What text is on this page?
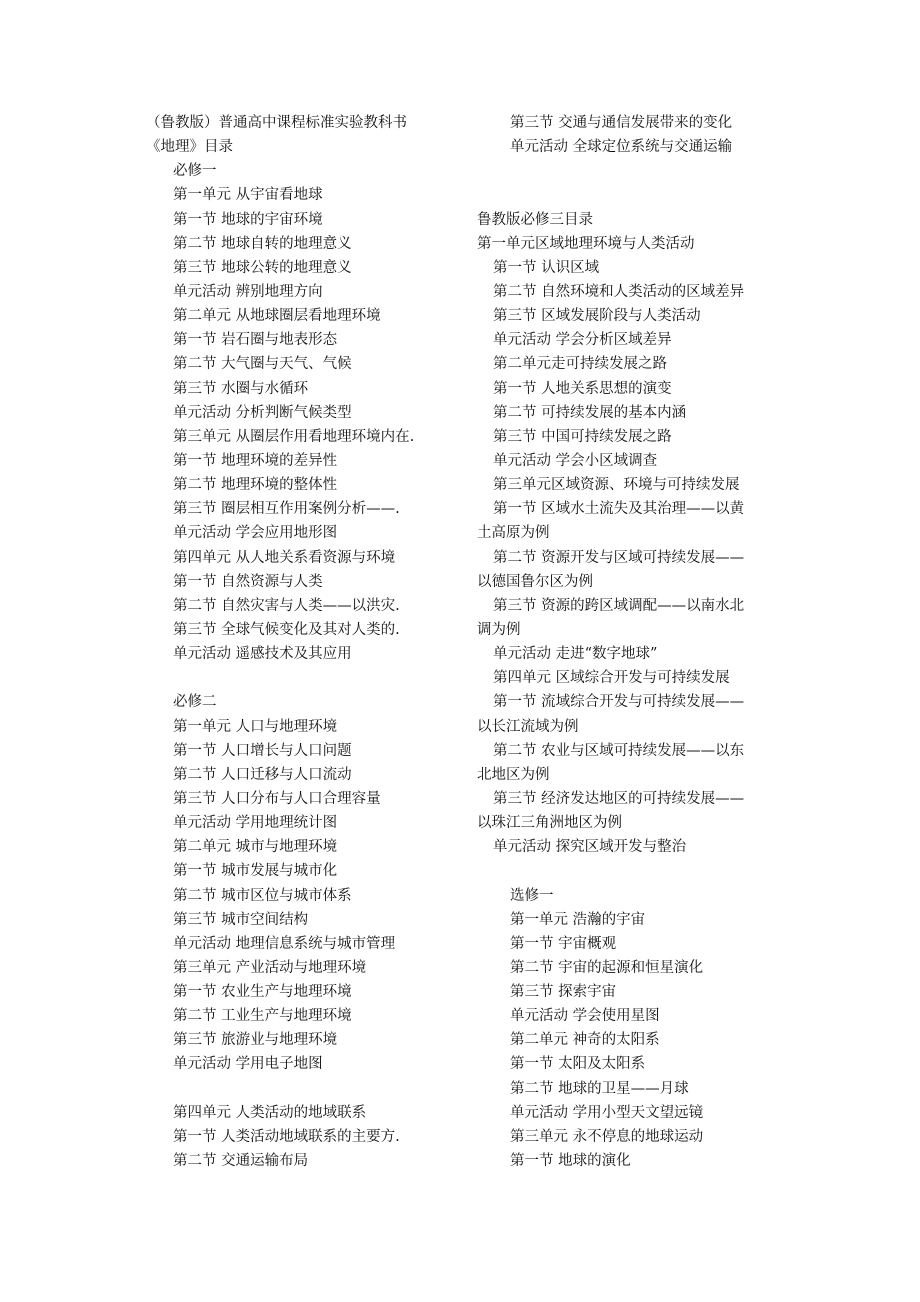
（鲁教版）普通高中课程标准实验教科书
《地理》目录
必修一
第一单元 从宇宙看地球
第一节 地球的宇宙环境
第二节 地球自转的地理意义
第三节 地球公转的地理意义
单元活动 辨别地理方向
第二单元 从地球圈层看地理环境
第一节 岩石圈与地表形态
第二节 大气圈与天气、气候
第三节 水圈与水循环
单元活动 分析判断气候类型
第三单元 从圈层作用看地理环境内在.
第一节 地理环境的差异性
第二节 地理环境的整体性
第三节 圈层相互作用案例分析——.
单元活动 学会应用地形图
第四单元 从人地关系看资源与环境
第一节 自然资源与人类
第二节 自然灾害与人类——以洪灾.
第三节 全球气候变化及其对人类的.
单元活动 遥感技术及其应用
必修二
第一单元 人口与地理环境
第一节 人口增长与人口问题
第二节 人口迁移与人口流动
第三节 人口分布与人口合理容量
单元活动 学用地理统计图
第二单元 城市与地理环境
第一节 城市发展与城市化
第二节 城市区位与城市体系
第三节 城市空间结构
单元活动 地理信息系统与城市管理
第三单元 产业活动与地理环境
第一节 农业生产与地理环境
第二节 工业生产与地理环境
第三节 旅游业与地理环境
单元活动 学用电子地图
第四单元 人类活动的地域联系
第一节 人类活动地域联系的主要方.
第二节 交通运输布局
第三节 交通与通信发展带来的变化
单元活动 全球定位系统与交通运输
鲁教版必修三目录
第一单元区域地理环境与人类活动
第一节 认识区域
第二节 自然环境和人类活动的区域差异
第三节 区域发展阶段与人类活动
单元活动 学会分析区域差异
第二单元走可持续发展之路
第一节 人地关系思想的演变
第二节 可持续发展的基本内涵
第三节 中国可持续发展之路
单元活动 学会小区域调查
第三单元区域资源、环境与可持续发展
第一节 区域水土流失及其治理——以黄
土高原为例
第二节 资源开发与区域可持续发展——
以德国鲁尔区为例
第三节 资源的跨区域调配——以南水北
调为例
单元活动 走进“数字地球”
第四单元 区域综合开发与可持续发展
第一节 流域综合开发与可持续发展——
以长江流域为例
第二节 农业与区域可持续发展——以东
北地区为例
第三节 经济发达地区的可持续发展——
以珠江三角洲地区为例
单元活动 探究区域开发与整治
选修一
第一单元 浩瀚的宇宙
第一节 宇宙概观
第二节 宇宙的起源和恒星演化
第三节 探索宇宙
单元活动 学会使用星图
第二单元 神奇的太阳系
第一节 太阳及太阳系
第二节 地球的卫星——月球
单元活动 学用小型天文望远镜
第三单元 永不停息的地球运动
第一节 地球的演化
